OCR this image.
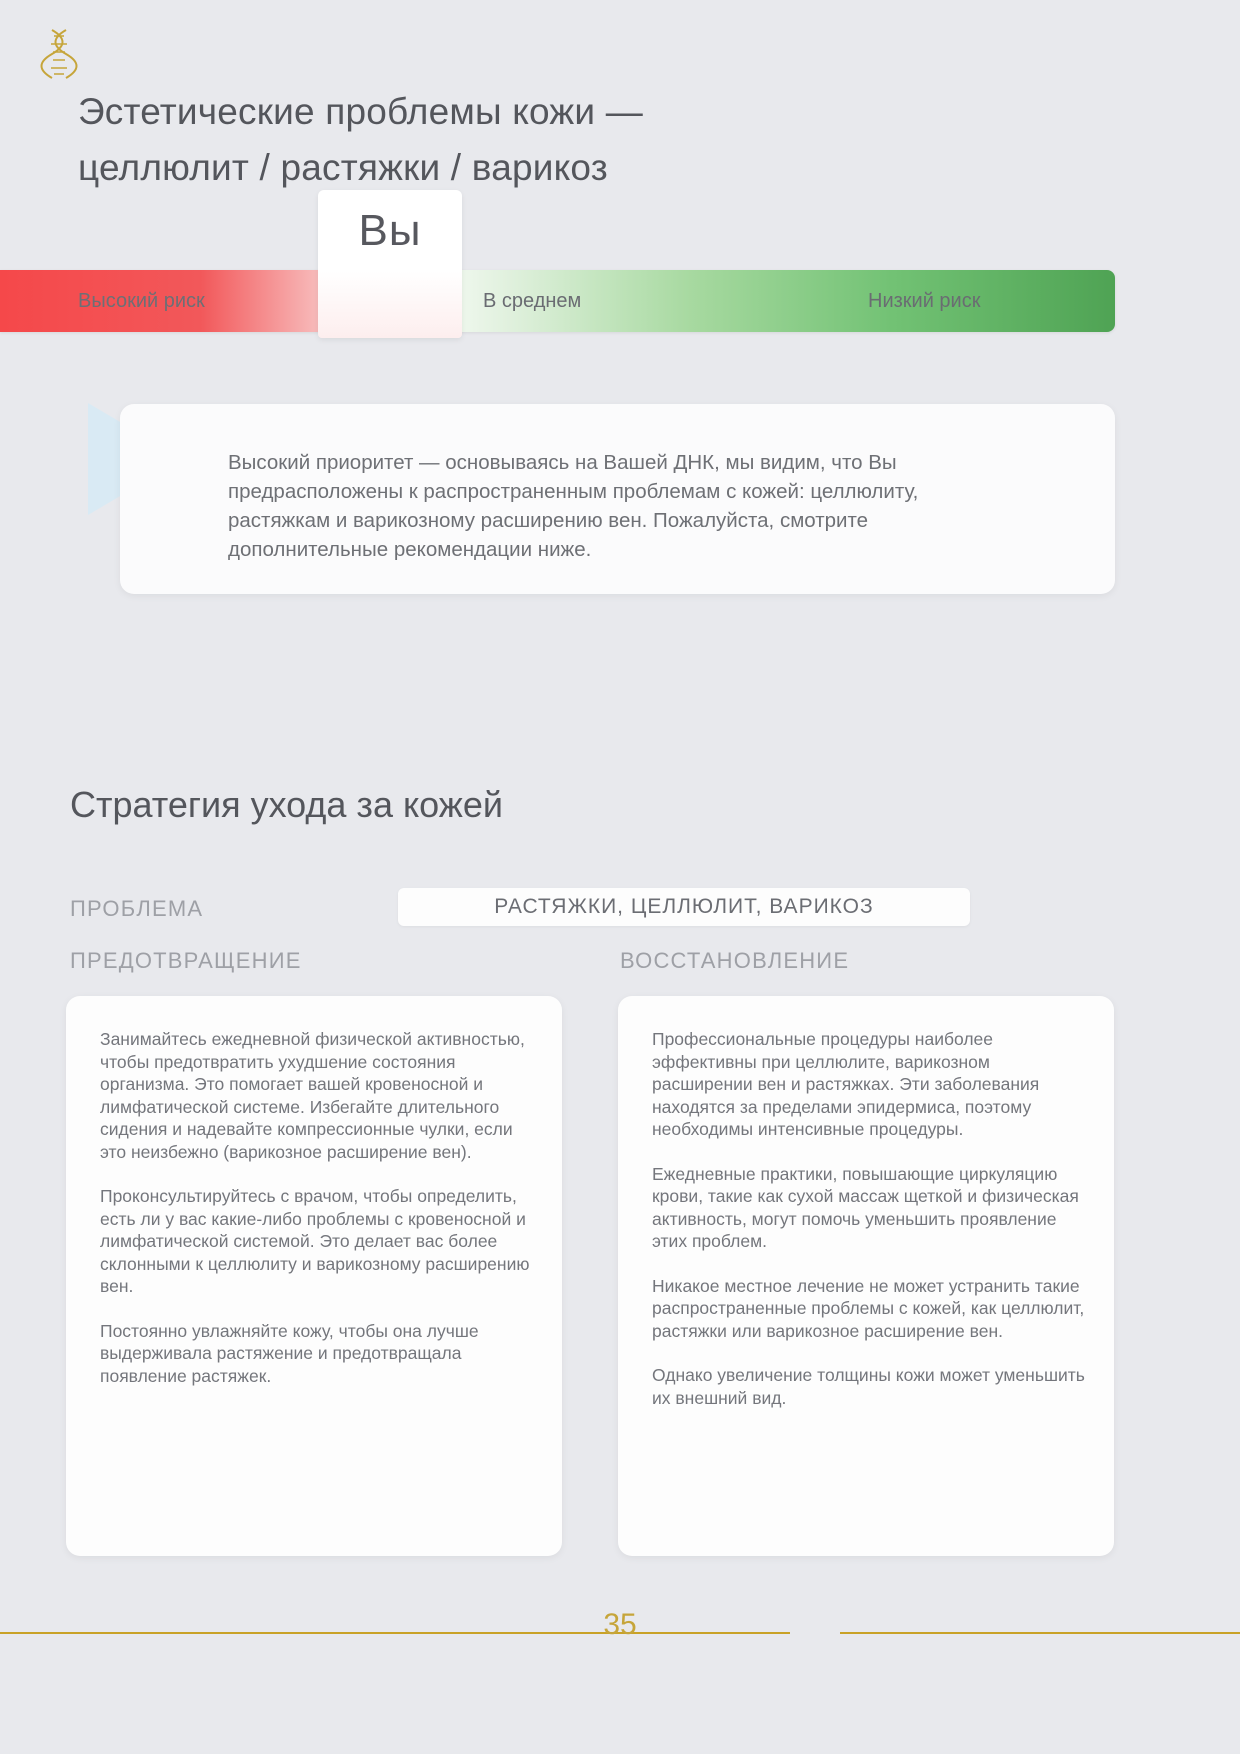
Эстетические проблемы кожи —
целлюлит / растяжки / варикоз
Высокий риск	В среднем	Низкий риск
Вы
Высокий приоритет — основываясь на Вашей ДНК, мы видим, что Вы предрасположены к распространенным проблемам с кожей: целлюлиту, растяжкам и варикозному расширению вен. Пожалуйста, смотрите дополнительные рекомендации ниже.
Стратегия ухода за кожей
ПРОБЛЕМА	РАСТЯЖКИ, ЦЕЛЛЮЛИТ, ВАРИКОЗ
ПРЕДОТВРАЩЕНИЕ	ВОССТАНОВЛЕНИЕ

Занимайтесь ежедневной физической активностью, чтобы предотвратить ухудшение состояния организма. Это помогает вашей кровеносной и лимфатической системе. Избегайте длительного сидения и надевайте компрессионные чулки, если это неизбежно (варикозное расширение вен).

Проконсультируйтесь с врачом, чтобы определить, есть ли у вас какие-либо проблемы с кровеносной и лимфатической системой. Это делает вас более склонными к целлюлиту и варикозному расширению вен.

Постоянно увлажняйте кожу, чтобы она лучше выдерживала растяжение и предотвращала появление растяжек.

Профессиональные процедуры наиболее эффективны при целлюлите, варикозном расширении вен и растяжках. Эти заболевания находятся за пределами эпидермиса, поэтому необходимы интенсивные процедуры.

Ежедневные практики, повышающие циркуляцию крови, такие как сухой массаж щеткой и физическая активность, могут помочь уменьшить проявление этих проблем.

Никакое местное лечение не может устранить такие распространенные проблемы с кожей, как целлюлит, растяжки или варикозное расширение вен.

Однако увеличение толщины кожи может уменьшить их внешний вид.

35
